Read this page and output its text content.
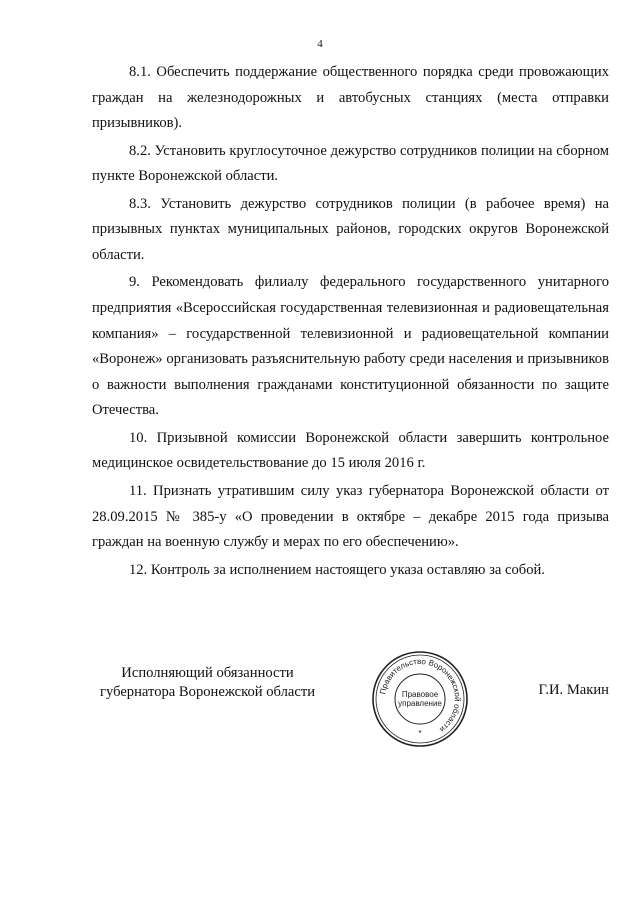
4

8.1. Обеспечить поддержание общественного порядка среди провожающих граждан на железнодорожных и автобусных станциях (места отправки призывников).

8.2. Установить круглосуточное дежурство сотрудников полиции на сборном пункте Воронежской области.

8.3. Установить дежурство сотрудников полиции (в рабочее время) на призывных пунктах муниципальных районов, городских округов Воронежской области.

9. Рекомендовать филиалу федерального государственного унитарного предприятия «Всероссийская государственная телевизионная и радиовещательная компания» – государственной телевизионной и радиовещательной компании «Воронеж» организовать разъяснительную работу среди населения и призывников о важности выполнения гражданами конституционной обязанности по защите Отечества.

10. Призывной комиссии Воронежской области завершить контрольное медицинское освидетельствование до 15 июля 2016 г.

11. Признать утратившим силу указ губернатора Воронежской области от 28.09.2015 № 385-у «О проведении в октябре – декабре 2015 года призыва граждан на военную службу и мерах по его обеспечению».

12. Контроль за исполнением настоящего указа оставляю за собой.

Исполняющий обязанности
губернатора Воронежской области	Правительство Воронежской области
Правовое
управление
*
Г.И. Макин
